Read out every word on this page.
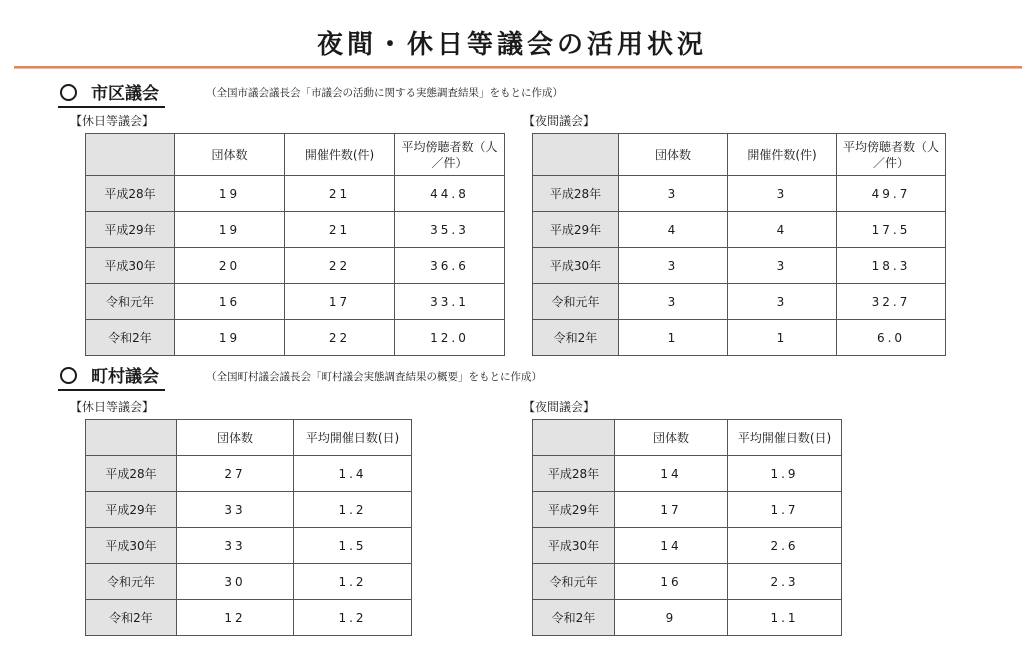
夜間・休日等議会の活用状況
市区議会	（全国市議会議長会「市議会の活動に関する実態調査結果」をもとに作成）
【休日等議会】
	団体数	開催件数(件)	平均傍聴者数（人／件）
平成28年	19	21	44.8
平成29年	19	21	35.3
平成30年	20	22	36.6
令和元年	16	17	33.1
令和2年	19	22	12.0
【夜間議会】
	団体数	開催件数(件)	平均傍聴者数（人／件）
平成28年	3	3	49.7
平成29年	4	4	17.5
平成30年	3	3	18.3
令和元年	3	3	32.7
令和2年	1	1	6.0
町村議会	（全国町村議会議長会「町村議会実態調査結果の概要」をもとに作成）
【休日等議会】
	団体数	平均開催日数(日)
平成28年	27	1.4
平成29年	33	1.2
平成30年	33	1.5
令和元年	30	1.2
令和2年	12	1.2
【夜間議会】
	団体数	平均開催日数(日)
平成28年	14	1.9
平成29年	17	1.7
平成30年	14	2.6
令和元年	16	2.3
令和2年	9	1.1
